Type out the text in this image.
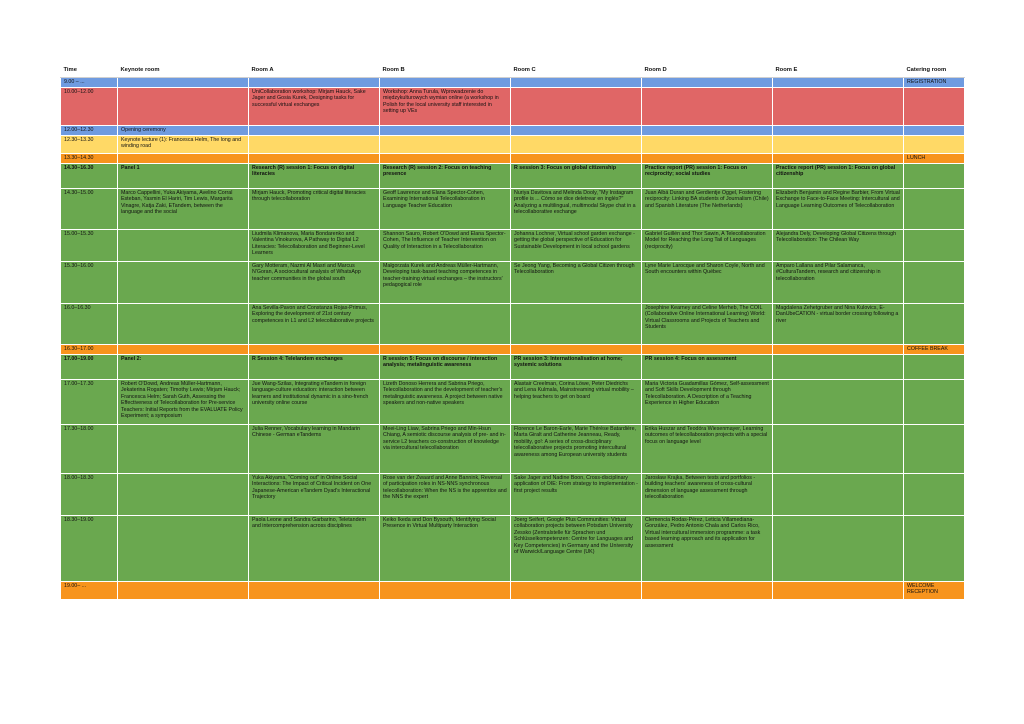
Time	Keynote room	Room A	Room B	Room C	Room D	Room E	Catering room
9.00 – ...							REGISTRATION
10.00–12.00		UniCollaboration workshop: Mirjam Hauck, Sake Jager and Gosia Kurek, Designing tasks for successful virtual exchanges	Workshop: Anna Turula, Wprowadzenie do międzykulturowych wymian online (a workshop in Polish for the local university staff interested in setting up VEs				
12.00–12.30	Opening ceremony						
12.30–13.30	Keynote lecture (1): Francesca Helm, The long and winding road						
13.30–14.30							LUNCH
14.30–16.30	Panel 1	Research (R) session 1: Focus on digital literacies	Research (R) session 2: Focus on teaching presence	R session 3: Focus on global citizenship	Practice report (PR) session 1: Focus on reciprocity; social studies	Practice report (PR) session 1: Focus on global citizenship	
14.30–15.00	Marco Cappellini, Yuka Akiyama, Avelino Corral Esteban, Yasmin El Hariri, Tim Lewis, Margarita Vinagre, Katja Zaki, ETandem, between the language and the social	Mirjam Hauck, Promoting critical digital literacies through telecollaboration	Geoff Lawrence and Elana Spector-Cohen, Examining International Telecollaboration in Language Teacher Education	Nuriya Davitova and Melinda Dooly, "My Instagram profile is ... Cómo se dice deletrear en inglés?" Analyzing a multilingual, multimodal Skype chat in a telecollaborative exchange	Juan Albá Duran and Gerdientje Oggel, Fostering reciprocity: Linking BA students of Journalism (Chile) and Spanish Literature (The Netherlands)	Elizabeth Benjamin and Regine Barbier, From Virtual Exchange to Face-to-Face Meeting: Intercultural and Language Learning Outcomes of Telecollaboration	
15.00–15.30		Liudmila Klimanova, Maria Bondarenko and Valentina Vinokurova, A Pathway to Digital L2 Literacies: Telecollaboration and Beginner-Level Learners	Shannon Sauro, Robert O'Dowd and Elana Spector-Cohen, The Influence of Teacher Intervention on Quality of Interaction in a Telecollaboration	Johanna Lochner, Virtual school garden exchange - getting the global perspective of Education for Sustainable Development in local school gardens	Gabriel Guillén and Thor Sawin, A Telecollaboration Model for Reaching the Long Tail of Languages (reciprocity)	Alejandra Dely, Developing Global Citizens through Telecollaboration: The Chilean Way	
15.30–16.00		Gary Motteram, Nazmi Al Masri and Marcus N'Goran, A sociocultural analysis of WhatsApp teacher communities in the global south	Małgorzata Kurek and Andreas Müller-Hartmann, Developing task-based teaching competences in teacher-training virtual exchanges – the instructors' pedagogical role	Se Jeong Yang, Becoming a Global Citizen through Telecollaboration	Lyne Marie Larocque and Sharon Coyle, North and South encounters within Québec	Amparo Lallana and Pilar Salamanca, #CulturaTandem, research and citizenship in telecollaboration	
16.0–16.30		Ana Sevilla-Pavon and Constanza Rojas-Primus, Exploring the development of 21st century competences in L1 and L2 telecollaborative projects			Josephine Kearney and Celine Merheb, The COIL (Collaborative Online International Learning) World: Virtual Classrooms and Projects of Teachers and Students	Magdalena Zehetgruber and Nina Kulovics, E-DanUbeCATION - virtual border crossing following a river	
16.30–17.00							COFFEE BREAK
17.00–19.00	Panel 2:	R Session 4: Telelandem exchanges	R session 5: Focus on discourse / interaction analysis; metalinguistic awareness	PR session 3: Internationalisation at home; systemic solutions	PR session 4: Focus on assessment		
17.00–17.30	Robert O'Dowd, Andreas Müller-Hartmann, Jekaterina Rogaten; Timothy Lewis; Mirjam Hauck; Francesca Helm; Sarah Guth, Assessing the Effectiveness of Telecollaboration for Pre-service Teachers: Initial Reports from the EVALUATE Policy Experiment; a symposium	Jue Wang-Szilas, Integrating eTandem in foreign language-culture education: interaction between learners and institutional dynamic in a sino-french university online course	Lizeth Donoso Herrera and Sabrina Priego, Telecollaboration and the development of teacher's metalinguistic awareness. A project between native speakers and non-native speakers	Alastair Creelman, Corina Löwe, Peter Diedrichs and Lena Kulmala, Mainstreaming virtual mobility – helping teachers to get on board	Maria Victoria Guadamillas Gómez, Self-assessment and Soft Skills Development through Telecollaboration. A Description of a Teaching Experience in Higher Education		
17.30–18.00		Julia Renner, Vocabulary learning in Mandarin Chinese - German eTandems	Meei-Ling Liaw, Sabrina Priego and Min-Hsun Chiang, A semiotic discourse analysis of pre- and in-service L2 teachers co-construction of knowledge via intercultural telecollaboration	Florence Le Baron-Earle, Marie Thérèse Batardière, Marta Giralt and Catherine Jeanneau, Ready, mobility, go!: A series of cross-disciplinary telecollaborative projects promoting intercultural awareness among European university students	Erika Huszar and Teodóra Wiesenmayer, Learning outcomes of telecollaboration projects with a special focus on language level		
18.00–18.30		Yuka Akiyama, "Coming out" in Online Social Interactions: The Impact of Critical Incident on One Japanese-American eTandem Dyad's Interactional Trajectory	Rose van der Zwaard and Anne Bannink, Reversal of participation roles in NS-NNS synchronous telecollaboration: When the NS is the apprentice and the NNS the expert	Sake Jager and Nadine Boon, Cross-disciplinary application of OIE: From strategy to implementation - first project results	Jarosław Krajka, Between tests and portfolios - building teachers' awareness of cross-cultural dimension of language assessment through telecollaboration		
18.30–19.00		Paola Leone and Sandra Garbarino, Teletandem and intercomprehension across disciplines	Keiko Ikeda and Don Bysouth, Identifying Social Presence in Virtual Multiparty Interaction	Joerg Seifert, Google Plus Communities: Virtual collaboration projects between Potsdam University Zessko (Zentralstelle für Sprachen und Schlüsselkompetenzen: Centre for Languages and Key Competencies) in Germany and the University of Warwick/Language Centre (UK)	Clemencia Rodas-Pérez, Leticia Villamediana-González, Pedro Antonio Chala and Carlos Rico, Virtual intercultural immersion programme: a task based learning approach and its application for assessment		
19.00– ...							WELCOME RECEPTION
